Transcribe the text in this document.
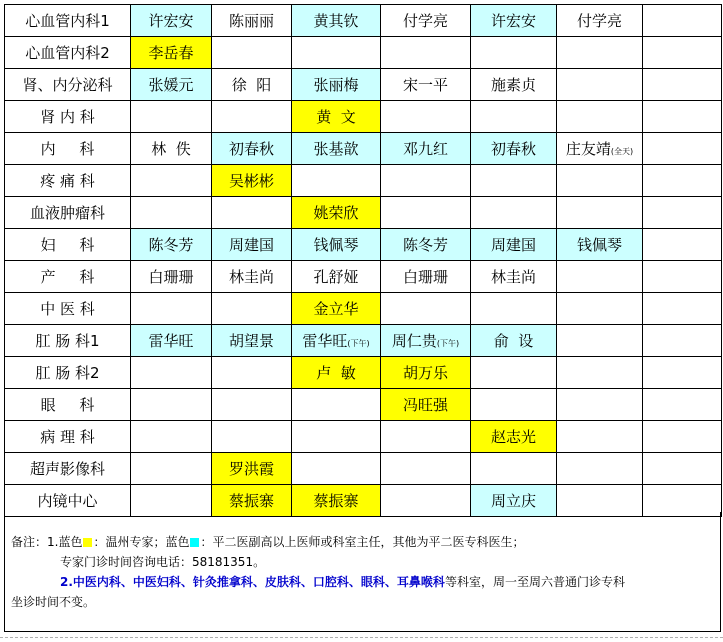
心血管内科1	许宏安	陈丽丽	黄其钦	付学亮	许宏安	付学亮	
心血管内科2	李岳春						
肾、内分泌科	张媛元	徐  阳	张丽梅	宋一平	施素贞		
肾 内 科			黄  文				
内     科	林  佚	初春秋	张基歆	邓九红	初春秋	庄友靖(全天)	
疼 痛 科		吴彬彬					
血液肿瘤科			姚荣欣				
妇     科	陈冬芳	周建国	钱佩琴	陈冬芳	周建国	钱佩琴	
产     科	白珊珊	林圭尚	孔舒娅	白珊珊	林圭尚		
中 医 科			金立华				
肛 肠 科1	雷华旺	胡望景	雷华旺(下午)	周仁贵(下午)	俞  设		
肛 肠 科2			卢  敏	胡万乐			
眼     科				冯旺强			
病 理 科					赵志光		
超声影像科		罗洪霞					
内镜中心		蔡振寨	蔡振寨		周立庆		
备注：1.蓝色 ：温州专家；蓝色 ：平二医副高以上医师或科室主任，其他为平二医专科医生；
专家门诊时间咨询电话：58181351。
2.中医内科、中医妇科、针灸推拿科、皮肤科、口腔科、眼科、耳鼻喉科等科室，周一至周六普通门诊专科
坐诊时间不变。
